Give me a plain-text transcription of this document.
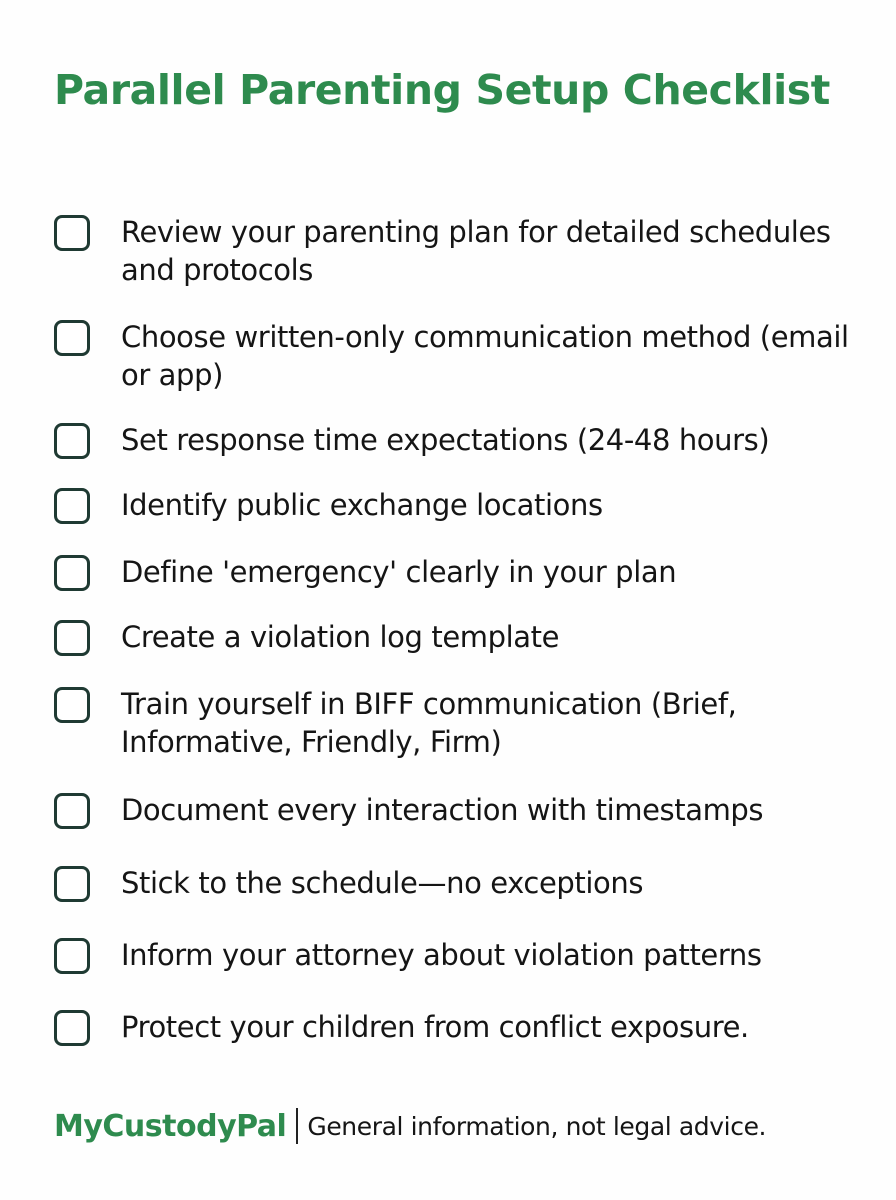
Parallel Parenting Setup Checklist
Review your parenting plan for detailed schedules and protocols
Choose written-only communication method (email or app)
Set response time expectations (24-48 hours)
Identify public exchange locations
Define 'emergency' clearly in your plan
Create a violation log template
Train yourself in BIFF communication (Brief, Informative, Friendly, Firm)
Document every interaction with timestamps
Stick to the schedule—no exceptions
Inform your attorney about violation patterns
Protect your children from conflict exposure.
MyCustodyPal General information, not legal advice.
